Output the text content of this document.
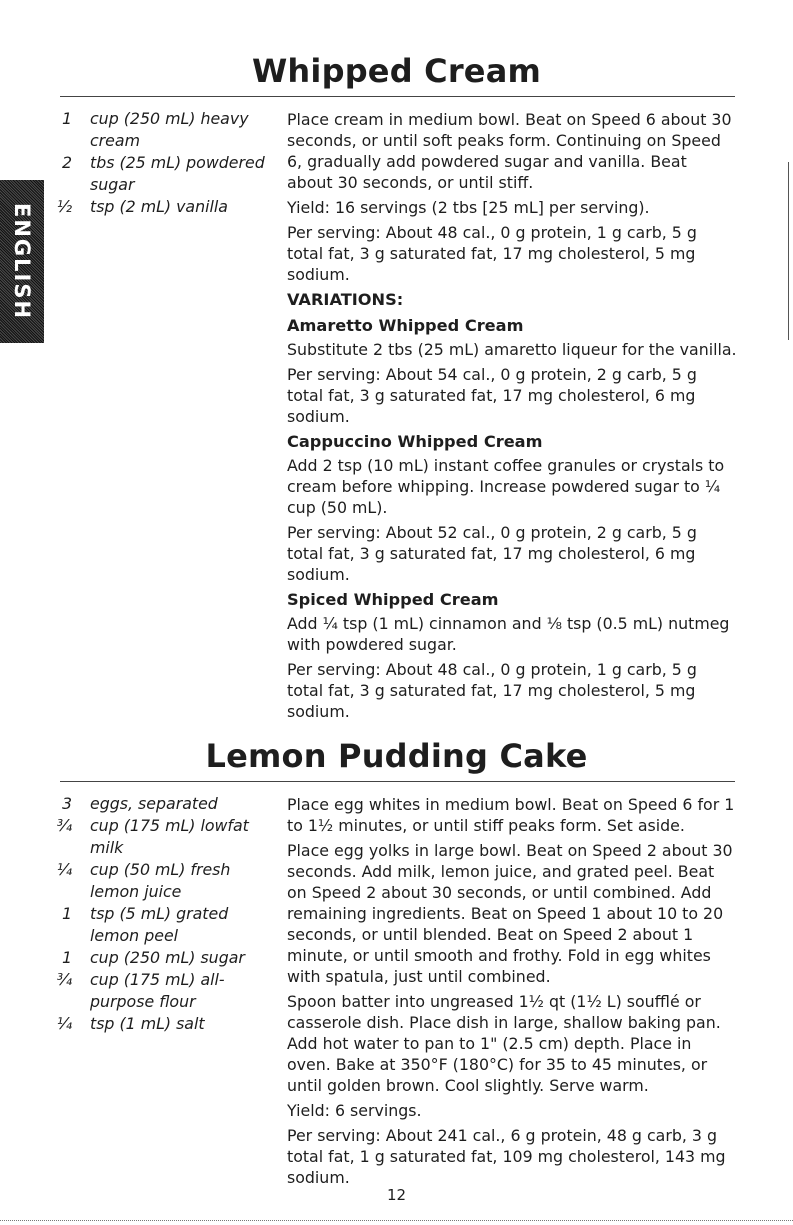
ENGLISH
Whipped Cream
1 cup (250 mL) heavy cream
2 tbs (25 mL) powdered sugar
½ tsp (2 mL) vanilla

Place cream in medium bowl. Beat on Speed 6 about 30 seconds, or until soft peaks form. Continuing on Speed 6, gradually add powdered sugar and vanilla. Beat about 30 seconds, or until stiff.

Yield: 16 servings (2 tbs [25 mL] per serving).

Per serving: About 48 cal., 0 g protein, 1 g carb, 5 g total fat, 3 g saturated fat, 17 mg cholesterol, 5 mg sodium.

VARIATIONS:
Amaretto Whipped Cream

Substitute 2 tbs (25 mL) amaretto liqueur for the vanilla.

Per serving: About 54 cal., 0 g protein, 2 g carb, 5 g total fat, 3 g saturated fat, 17 mg cholesterol, 6 mg sodium.

Cappuccino Whipped Cream

Add 2 tsp (10 mL) instant coffee granules or crystals to cream before whipping. Increase powdered sugar to ¼ cup (50 mL).

Per serving: About 52 cal., 0 g protein, 2 g carb, 5 g total fat, 3 g saturated fat, 17 mg cholesterol, 6 mg sodium.

Spiced Whipped Cream

Add ¼ tsp (1 mL) cinnamon and ⅛ tsp (0.5 mL) nutmeg with powdered sugar.

Per serving: About 48 cal., 0 g protein, 1 g carb, 5 g total fat, 3 g saturated fat, 17 mg cholesterol, 5 mg sodium.

Lemon Pudding Cake
3 eggs, separated
¾ cup (175 mL) lowfat milk
¼ cup (50 mL) fresh lemon juice
1 tsp (5 mL) grated lemon peel
1 cup (250 mL) sugar
¾ cup (175 mL) all-purpose flour
¼ tsp (1 mL) salt

Place egg whites in medium bowl. Beat on Speed 6 for 1 to 1½ minutes, or until stiff peaks form. Set aside.

Place egg yolks in large bowl. Beat on Speed 2 about 30 seconds. Add milk, lemon juice, and grated peel. Beat on Speed 2 about 30 seconds, or until combined. Add remaining ingredients. Beat on Speed 1 about 10 to 20 seconds, or until blended. Beat on Speed 2 about 1 minute, or until smooth and frothy. Fold in egg whites with spatula, just until combined.

Spoon batter into ungreased 1½ qt (1½ L) soufflé or casserole dish. Place dish in large, shallow baking pan. Add hot water to pan to 1" (2.5 cm) depth. Place in oven. Bake at 350°F (180°C) for 35 to 45 minutes, or until golden brown. Cool slightly. Serve warm.

Yield: 6 servings.

Per serving: About 241 cal., 6 g protein, 48 g carb, 3 g total fat, 1 g saturated fat, 109 mg cholesterol, 143 mg sodium.

12
